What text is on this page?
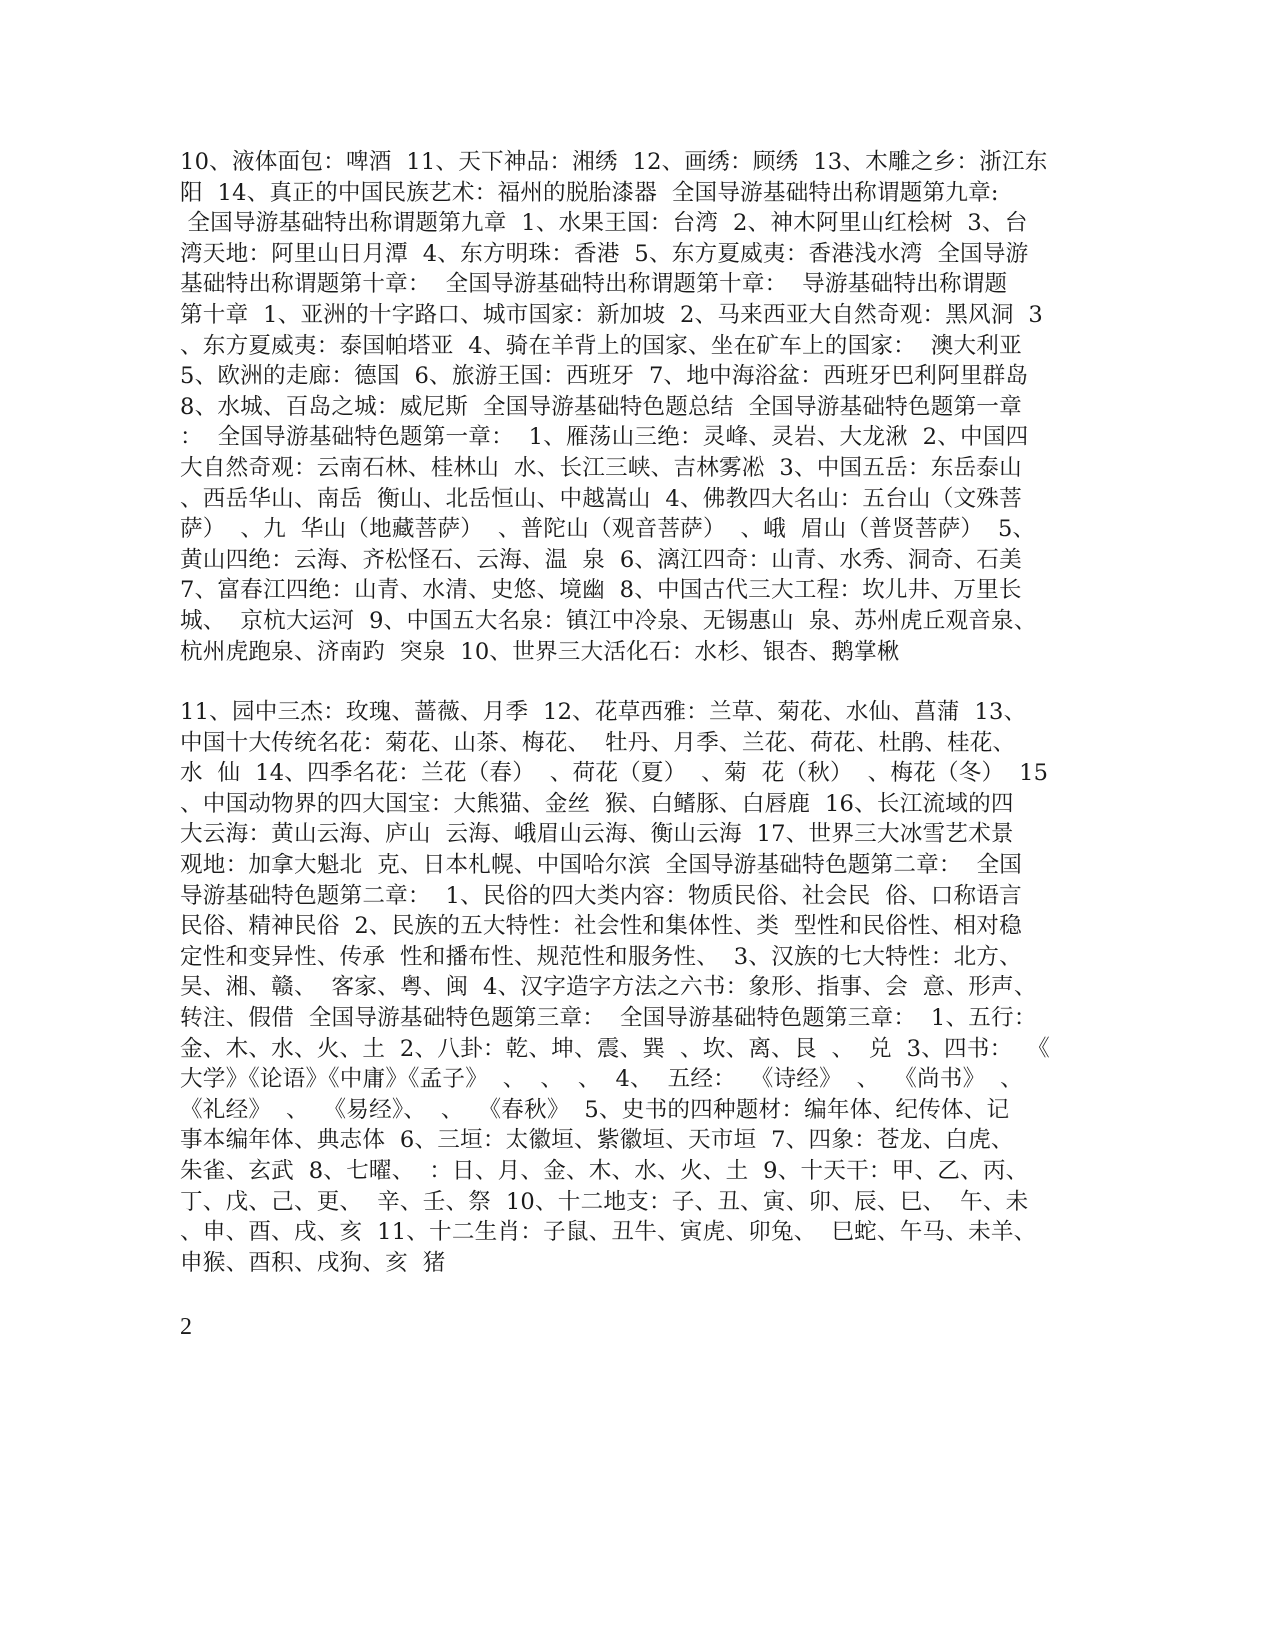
10、液体面包：啤酒  11、天下神品：湘绣  12、画绣：顾绣  13、木雕之乡：浙江东
阳  14、真正的中国民族艺术：福州的脱胎漆器  全国导游基础特出称谓题第九章:
全国导游基础特出称谓题第九章  1、水果王国：台湾  2、神木阿里山红桧树  3、台
湾天地：阿里山日月潭  4、东方明珠：香港  5、东方夏威夷：香港浅水湾  全国导游
基础特出称谓题第十章：  全国导游基础特出称谓题第十章：  导游基础特出称谓题
第十章  1、亚洲的十字路口、城市国家：新加坡  2、马来西亚大自然奇观：黑风洞  3
、东方夏威夷：泰国帕塔亚  4、骑在羊背上的国家、坐在矿车上的国家：  澳大利亚
5、欧洲的走廊：德国  6、旅游王国：西班牙  7、地中海浴盆：西班牙巴利阿里群岛
8、水城、百岛之城：威尼斯  全国导游基础特色题总结  全国导游基础特色题第一章
：  全国导游基础特色题第一章：  1、雁荡山三绝：灵峰、灵岩、大龙湫  2、中国四
大自然奇观：云南石林、桂林山  水、长江三峡、吉林雾凇  3、中国五岳：东岳泰山
、西岳华山、南岳  衡山、北岳恒山、中越嵩山  4、佛教四大名山：五台山（文殊菩
萨）  、九  华山（地藏菩萨）  、普陀山（观音菩萨）  、峨  眉山（普贤菩萨）  5、
黄山四绝：云海、齐松怪石、云海、温  泉  6、漓江四奇：山青、水秀、洞奇、石美
7、富春江四绝：山青、水清、史悠、境幽  8、中国古代三大工程：坎儿井、万里长
城、  京杭大运河  9、中国五大名泉：镇江中冷泉、无锡惠山  泉、苏州虎丘观音泉、
杭州虎跑泉、济南趵  突泉  10、世界三大活化石：水杉、银杏、鹅掌楸

11、园中三杰：玫瑰、蔷薇、月季  12、花草西雅：兰草、菊花、水仙、菖蒲  13、
中国十大传统名花：菊花、山茶、梅花、  牡丹、月季、兰花、荷花、杜鹃、桂花、
水  仙  14、四季名花：兰花（春）  、荷花（夏）  、菊  花（秋）  、梅花（冬）  15
、中国动物界的四大国宝：大熊猫、金丝  猴、白鳍豚、白唇鹿  16、长江流域的四
大云海：黄山云海、庐山  云海、峨眉山云海、衡山云海  17、世界三大冰雪艺术景
观地：加拿大魁北  克、日本札幌、中国哈尔滨  全国导游基础特色题第二章：  全国
导游基础特色题第二章：  1、民俗的四大类内容：物质民俗、社会民  俗、口称语言
民俗、精神民俗  2、民族的五大特性：社会性和集体性、类  型性和民俗性、相对稳
定性和变异性、传承  性和播布性、规范性和服务性、  3、汉族的七大特性：北方、
吴、湘、赣、  客家、粤、闽  4、汉字造字方法之六书：象形、指事、会  意、形声、
转注、假借  全国导游基础特色题第三章：  全国导游基础特色题第三章：  1、五行：
金、木、水、火、土  2、八卦：乾、坤、震、巽  、坎、离、艮  、  兑  3、四书：  《
大学》《论语》《中庸》《孟子》  、  、  、  4、  五经：  《诗经》  、  《尚书》  、
《礼经》  、  《易经》、  、  《春秋》  5、史书的四种题材：编年体、纪传体、记
事本编年体、典志体  6、三垣：太徽垣、紫徽垣、天市垣  7、四象：苍龙、白虎、
朱雀、玄武  8、七曜、  ：日、月、金、木、水、火、土  9、十天干：甲、乙、丙、
丁、戊、己、更、  辛、壬、祭  10、十二地支：子、丑、寅、卯、辰、巳、  午、未
、申、酉、戌、亥  11、十二生肖：子鼠、丑牛、寅虎、卯兔、  巳蛇、午马、未羊、
申猴、酉积、戌狗、亥  猪

2
